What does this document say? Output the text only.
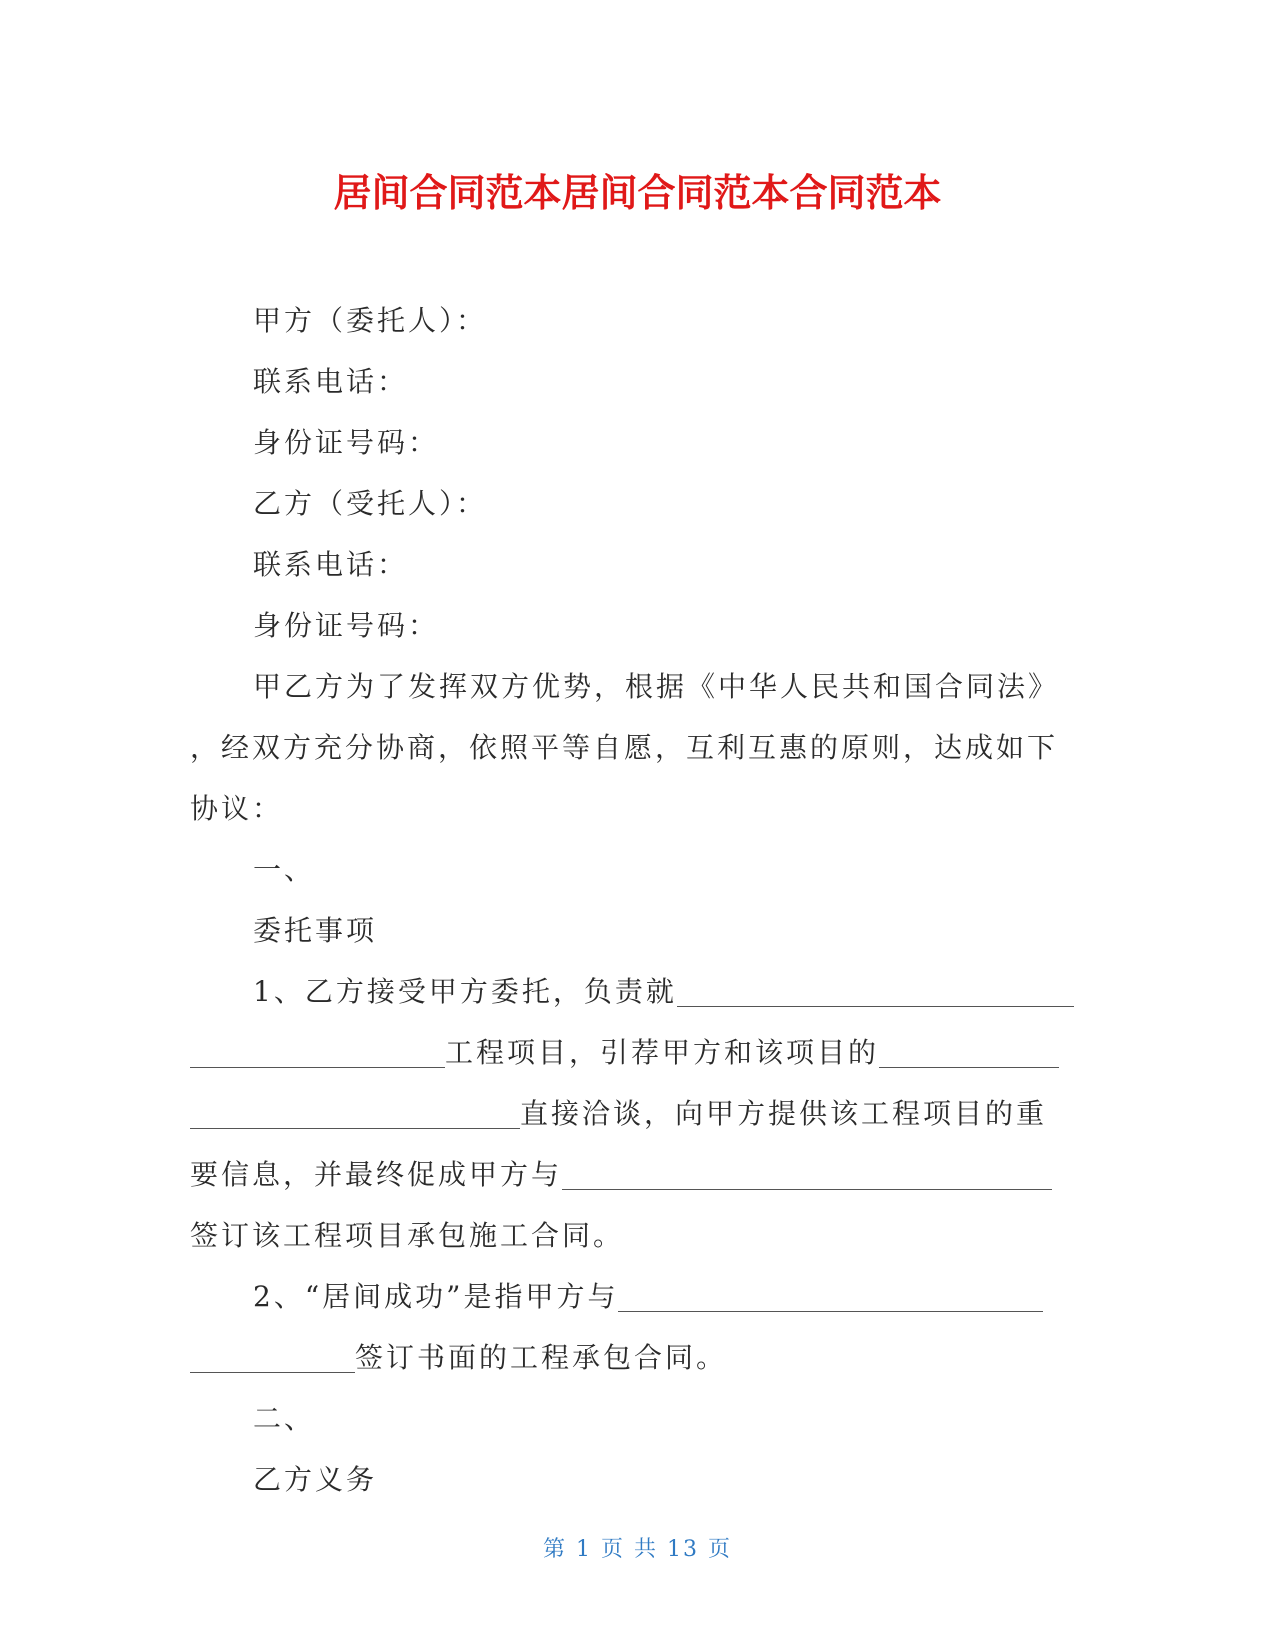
居间合同范本居间合同范本合同范本
甲方（委托人）：
联系电话：
身份证号码：
乙方（受托人）：
联系电话：
身份证号码：
甲乙方为了发挥双方优势，根据《中华人民共和国合同法》
，经双方充分协商，依照平等自愿，互利互惠的原则，达成如下
协议：
一、
委托事项
1、乙方接受甲方委托，负责就
工程项目，引荐甲方和该项目的
直接洽谈，向甲方提供该工程项目的重
要信息，并最终促成甲方与
签订该工程项目承包施工合同。
2、“居间成功”是指甲方与
签订书面的工程承包合同。
二、
乙方义务
第 1 页 共 13 页
